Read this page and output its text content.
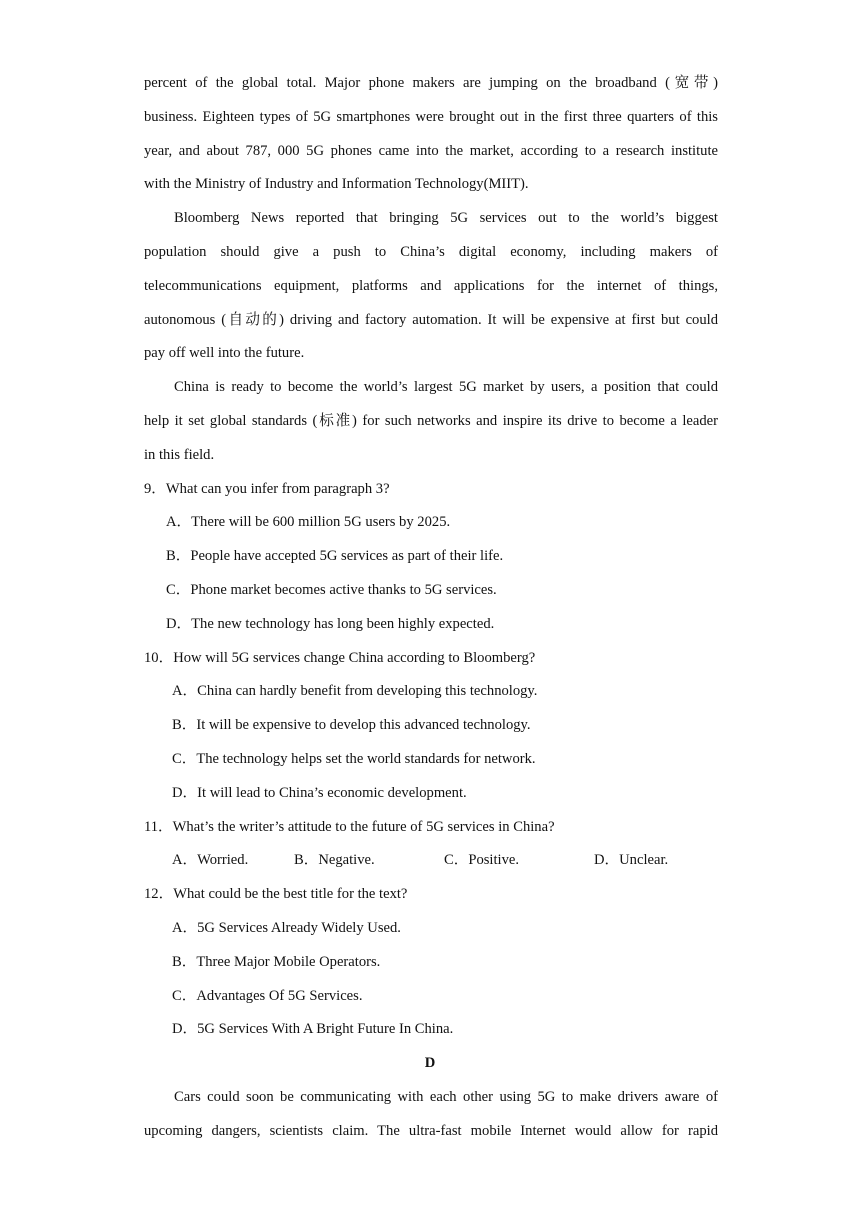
percent of the global total. Major phone makers are jumping on the broadband (宽带)
business. Eighteen types of 5G smartphones were brought out in the first three quarters of this
year, and about 787, 000 5G phones came into the market, according to a research institute
with the Ministry of Industry and Information Technology(MIIT).
Bloomberg News reported that bringing 5G services out to the world’s biggest
population should give a push to China’s digital economy, including makers of
telecommunications equipment, platforms and applications for the internet of things,
autonomous (自动的) driving and factory automation. It will be expensive at first but could
pay off well into the future.
China is ready to become the world’s largest 5G market by users, a position that could
help it set global standards (标准) for such networks and inspire its drive to become a leader
in this field.
9．What can you infer from paragraph 3?
A．There will be 600 million 5G users by 2025.
B．People have accepted 5G services as part of their life.
C．Phone market becomes active thanks to 5G services.
D．The new technology has long been highly expected.
10．How will 5G services change China according to Bloomberg?
A．China can hardly benefit from developing this technology.
B．It will be expensive to develop this advanced technology.
C．The technology helps set the world standards for network.
D．It will lead to China’s economic development.
11．What’s the writer’s attitude to the future of 5G services in China?
A．Worried.	B．Negative.	C．Positive.	D．Unclear.
12．What could be the best title for the text?
A．5G Services Already Widely Used.
B．Three Major Mobile Operators.
C．Advantages Of 5G Services.
D．5G Services With A Bright Future In China.
D
Cars could soon be communicating with each other using 5G to make drivers aware of
upcoming dangers, scientists claim. The ultra-fast mobile Internet would allow for rapid
